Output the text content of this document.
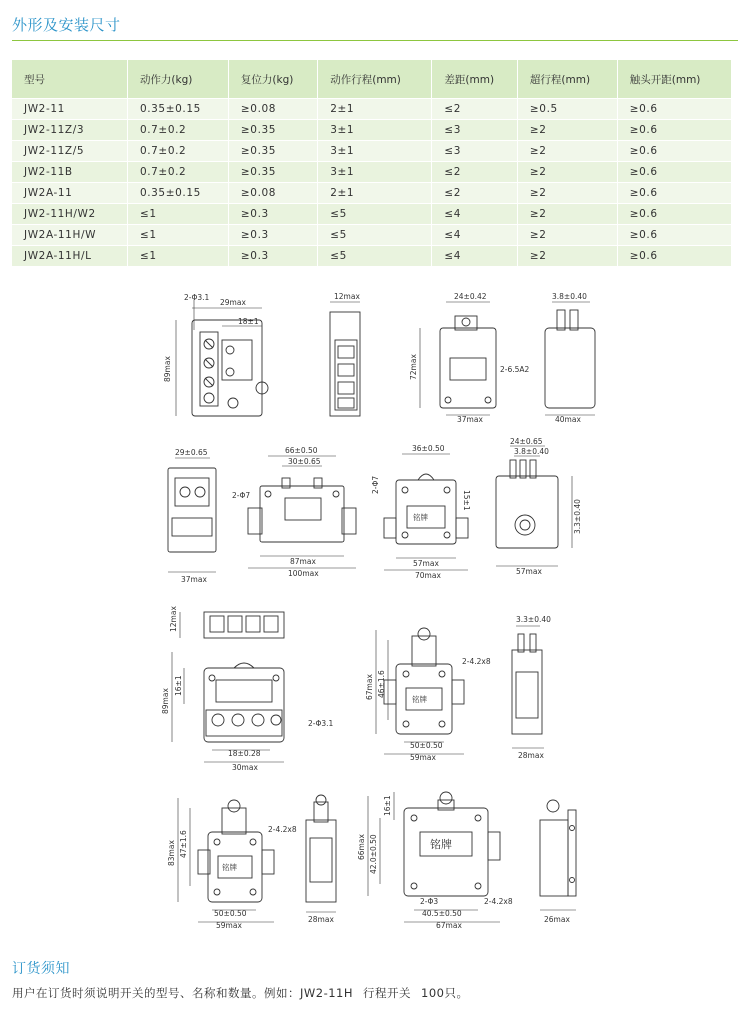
外形及安装尺寸
型号	动作力(kg)	复位力(kg)	动作行程(mm)	差距(mm)	超行程(mm)	触头开距(mm)
JW2-11	0.35±0.15	≥0.08	2±1	≤2	≥0.5	≥0.6
JW2-11Z/3	0.7±0.2	≥0.35	3±1	≤3	≥2	≥0.6
JW2-11Z/5	0.7±0.2	≥0.35	3±1	≤3	≥2	≥0.6
JW2-11B	0.7±0.2	≥0.35	3±1	≤2	≥2	≥0.6
JW2A-11	0.35±0.15	≥0.08	2±1	≤2	≥2	≥0.6
JW2-11H/W2	≤1	≥0.3	≤5	≤4	≥2	≥0.6
JW2A-11H/W	≤1	≥0.3	≤5	≤4	≥2	≥0.6
JW2A-11H/L	≤1	≥0.3	≤5	≤4	≥2	≥0.6
2-Φ3.1
29max
18±1
89max
12max	24±0.42
72max	2-6.5A2
37max
3.8±0.40
40max
29±0.65
37max
66±0.50
30±0.65
2-Φ7
87max
100max
36±0.50
2-Φ7
15±1
铭牌
57max
70max
24±0.65
3.8±0.40
3.3±0.40
57max
12max
16±1
89max
2-Φ3.1
18±0.28
30max
46±1.6
67max
2-4.2x8
铭牌
50±0.50
59max
3.3±0.40
28max
47±1.6
83max
2-4.2x8
铭牌
50±0.50
59max
28max
16±1
42.0±0.50
66max
2-Φ3	2-4.2x8
铭牌
40.5±0.50
67max
26max
订货须知
用户在订货时须说明开关的型号、名称和数量。例如：JW2-11H 行程开关 100只。
